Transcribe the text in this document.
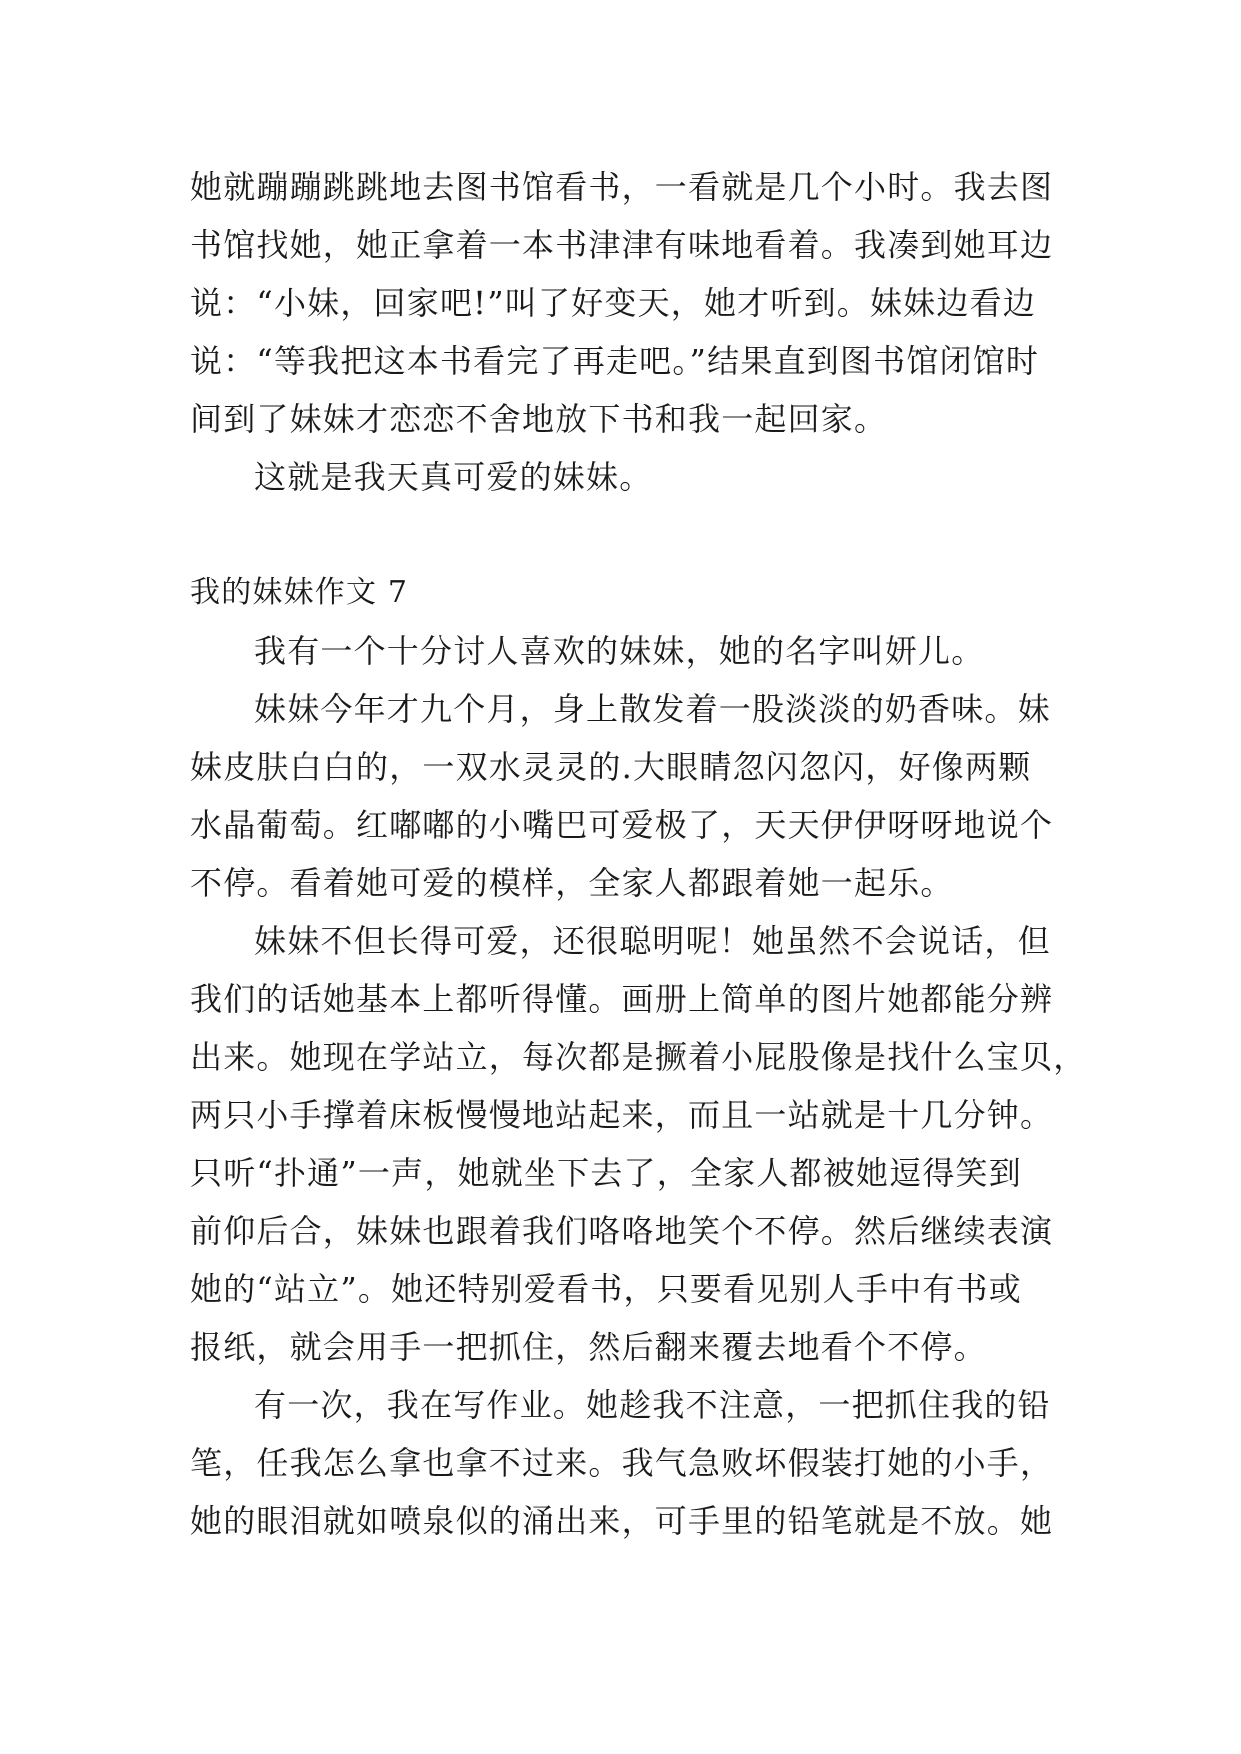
她就蹦蹦跳跳地去图书馆看书，一看就是几个小时。我去图
书馆找她，她正拿着一本书津津有味地看着。我凑到她耳边
说：“小妹，回家吧!”叫了好变天，她才听到。妹妹边看边
说：“等我把这本书看完了再走吧。”结果直到图书馆闭馆时
间到了妹妹才恋恋不舍地放下书和我一起回家。
这就是我天真可爱的妹妹。
我的妹妹作文 7
我有一个十分讨人喜欢的妹妹，她的名字叫妍儿。
妹妹今年才九个月，身上散发着一股淡淡的奶香味。妹
妹皮肤白白的，一双水灵灵的.大眼睛忽闪忽闪，好像两颗
水晶葡萄。红嘟嘟的小嘴巴可爱极了，天天伊伊呀呀地说个
不停。看着她可爱的模样，全家人都跟着她一起乐。
妹妹不但长得可爱，还很聪明呢！她虽然不会说话，但
我们的话她基本上都听得懂。画册上简单的图片她都能分辨
出来。她现在学站立，每次都是撅着小屁股像是找什么宝贝，
两只小手撑着床板慢慢地站起来，而且一站就是十几分钟。
只听“扑通”一声，她就坐下去了，全家人都被她逗得笑到
前仰后合，妹妹也跟着我们咯咯地笑个不停。然后继续表演
她的“站立”。她还特别爱看书，只要看见别人手中有书或
报纸，就会用手一把抓住，然后翻来覆去地看个不停。
有一次，我在写作业。她趁我不注意，一把抓住我的铅
笔，任我怎么拿也拿不过来。我气急败坏假装打她的小手，
她的眼泪就如喷泉似的涌出来，可手里的铅笔就是不放。她
